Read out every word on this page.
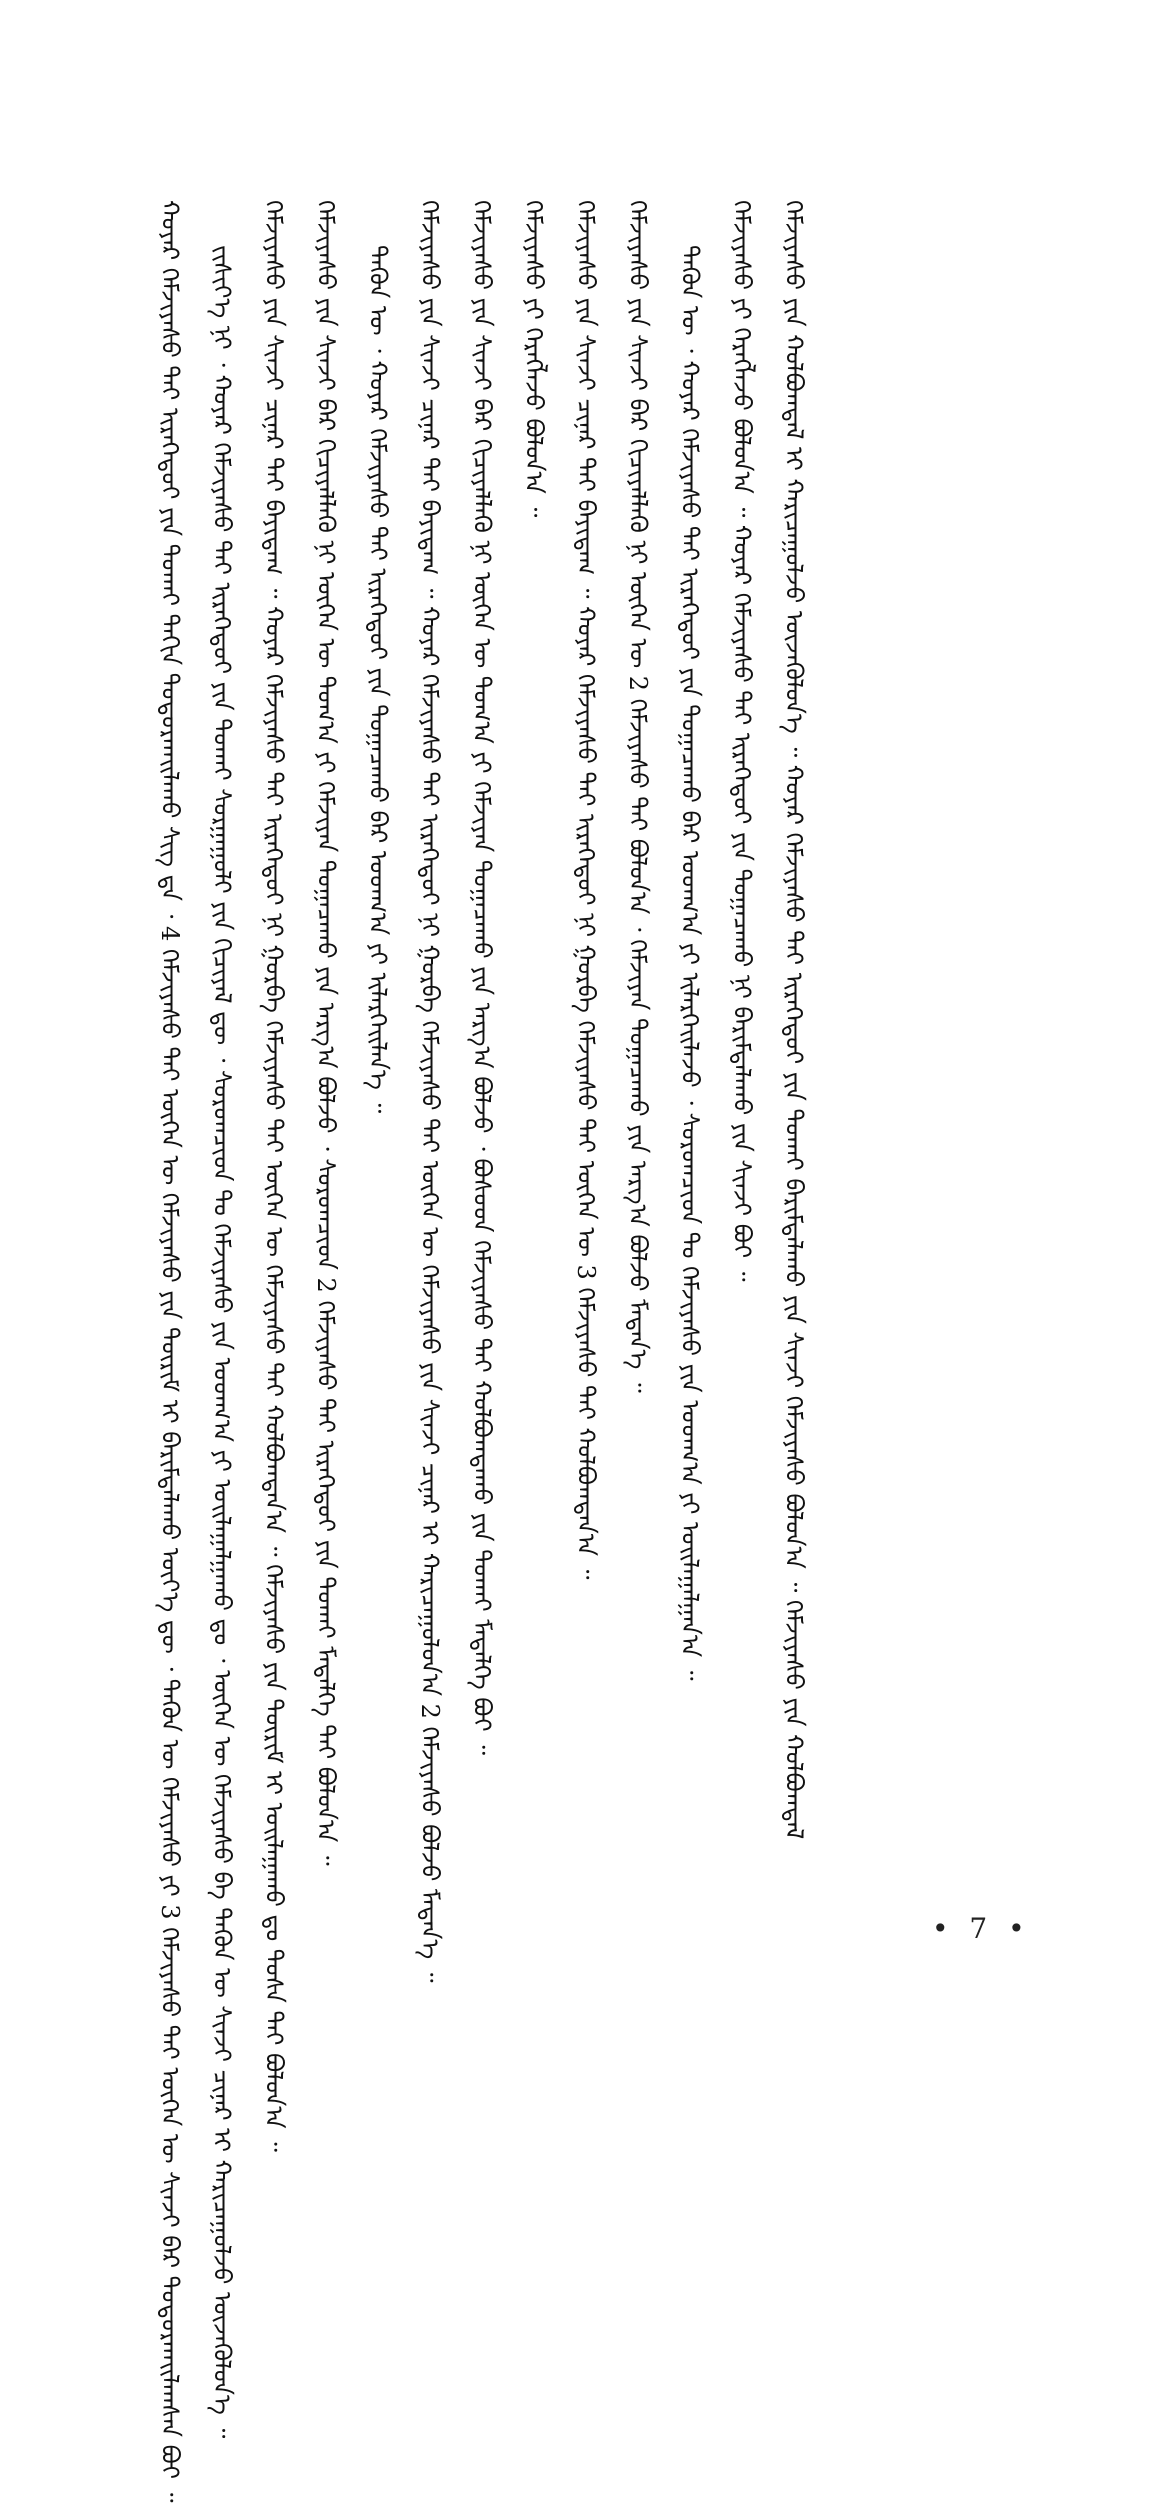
ᠬᠣᠶᠠᠷ ᠬᠡᠮᠵᠢᠶᠡᠰᠦ ᠲᠠᠢ ᠢᠷᠡᠭᠡᠳᠦᠢ ᠶᠢᠨ ᠲᠤᠬᠠᠢ ᠳᠠᠬᠢᠨ ᠲᠣᠳᠤᠷᠬᠠᠢᠯᠠᠬᠤ ᠰᠢᠭ ᠳᠡ ᠂ 4 ᠬᠡᠮᠵᠢᠶᠡᠰᠦ ᠲᠠᠢ ᠦᠭᠡᠨ ᠦ ᠬᠡᠮᠵᠢᠶᠡᠰᠦ ᠶᠢᠨ ᠳᠦᠷᠢᠮ ᠢ ᠪᠠᠷᠢᠮᠲᠠᠯᠠᠬᠤ ᠦᠶ᠎ᠡ ᠳᠦ ᠂ ᠲᠡᠭᠦᠨ ᠦ ᠬᠡᠮᠵᠢᠶᠡᠰᠦ ᠶᠢ 3 ᠬᠡᠮᠵᠢᠶᠡᠰᠦ ᠲᠠᠢ ᠦᠭᠡᠨ ᠦ ᠰᠢᠨᠵᠢ ᠪᠡᠷ ᠲᠣᠳᠤᠷᠬᠠᠢᠯᠠᠭᠰᠠᠨ ᠪᠤᠢ ᠃ ᠵᠢᠱᠢᠶ᠎ᠡ ᠨᠢ ᠂ ᠬᠣᠶᠠᠷ ᠬᠡᠮᠵᠢᠶᠡᠰᠦ ᠲᠠᠢ ᠢᠷᠡᠭᠡᠳᠦᠢ ᠶᠢᠨ ᠲᠤᠬᠠᠢ ᠰᠤᠷᠭᠠᠭᠤᠯᠢ ᠶᠢᠨ ᠬᠢᠴᠢᠶᠡᠯ ᠳᠦ ᠂ ᠰᠤᠷᠤᠭᠴᠢᠳ ᠲᠤ ᠬᠡᠮᠵᠢᠶᠡᠰᠦ ᠶᠢᠨ ᠤᠳᠬ᠎ᠠ ᠶᠢ ᠣᠢᠯᠠᠭᠠᠯᠭᠠᠬᠤ ᠳᠤ ᠂ ᠦᠭᠡᠨ ᠦ ᠬᠡᠮᠵᠢᠶᠡᠰᠦ ᠪᠠ ᠲᠡᠭᠦᠨ ᠦ ᠰᠢᠨᠵᠢ ᠴᠢᠨᠠᠷ ᠢ ᠬᠠᠷᠢᠴᠠᠭᠤᠯᠵᠤ ᠦᠵᠡᠭᠦᠯᠦᠨ᠎ᠡ ᠃ ᠬᠡᠮᠵᠢᠶᠡᠰᠦ ᠶᠢᠨ ᠰᠢᠨᠵᠢ ᠴᠢᠨᠠᠷ ᠲᠠᠢ ᠪᠠᠶᠢᠳᠠᠭ ᠃ ᠬᠣᠶᠠᠷ ᠬᠡᠮᠵᠢᠶᠡᠰᠦ ᠲᠠᠢ ᠢᠷᠡᠭᠡᠳᠦᠢ ᠨᠢ ᠭᠤᠷᠪᠠ ᠬᠡᠮᠵᠢᠶᠡᠰᠦ ᠲᠠᠢ ᠦᠭᠡᠨ ᠦ ᠬᠡᠮᠵᠢᠶᠡᠰᠦ ᠲᠡᠢ ᠬᠣᠯᠪᠣᠭᠳᠠᠨ᠎ᠠ ᠃ ᠬᠡᠮᠵᠢᠶᠡᠰᠦ ᠶᠢᠨ ᠳᠦᠷᠢᠮ ᠢ ᠣᠢᠯᠠᠭᠠᠬᠤ ᠳᠤ ᠲᠤᠰᠠ ᠲᠠᠢ ᠪᠣᠯᠤᠨ᠎ᠠ ᠃ ᠬᠡᠮᠵᠢᠶᠡᠰᠦ ᠶᠢᠨ ᠰᠢᠨᠵᠢ ᠪᠠᠷ ᠬᠢᠴᠢᠶᠡᠯᠯᠡᠬᠦ ᠨᠢ ᠦᠭᠡᠨ ᠦ ᠲᠣᠭ᠎ᠠ ᠶᠢ ᠬᠡᠮᠵᠢᠶᠡᠨ ᠲᠣᠭᠠᠴᠠᠬᠤ ᠶᠢᠨ ᠠᠷᠭ᠎ᠠ ᠪᠣᠯᠵᠤ ᠂ ᠰᠤᠷᠤᠭᠴᠢᠳ 2 ᠬᠡᠮᠵᠢᠶᠡᠰᠦ ᠲᠠᠢ ᠢᠷᠡᠭᠡᠳᠦᠢ ᠶᠢᠨ ᠲᠤᠬᠠᠢ ᠮᠡᠳᠡᠯᠭᠡ ᠲᠠᠢ ᠪᠣᠯᠤᠨ᠎ᠠ ᠃ ᠲᠡᠭᠦᠨ ᠦ ᠂ ᠬᠣᠶᠠᠷ ᠬᠡᠮᠵᠢᠶᠡᠰᠦ ᠲᠠᠢ ᠢᠷᠡᠭᠡᠳᠦᠢ ᠶᠢᠨ ᠲᠣᠭᠠᠴᠠᠬᠤ ᠪᠠᠷ ᠤᠳᠬ᠎ᠠ ᠶᠢ ᠢᠯᠡᠷᠬᠡᠢᠯᠡᠨ᠎ᠡ ᠃ ᠬᠡᠮᠵᠢᠶᠡᠰᠦ ᠶᠢᠨ ᠰᠢᠨᠵᠢ ᠴᠢᠨᠠᠷ ᠲᠠᠢ ᠪᠠᠶᠢᠳᠠᠭ ᠃ ᠬᠣᠶᠠᠷ ᠬᠡᠮᠵᠢᠶᠡᠰᠦ ᠲᠠᠢ ᠢᠷᠡᠭᠡᠳᠦᠢ ᠨᠢ ᠭᠤᠷᠪᠠ ᠬᠡᠮᠵᠢᠶᠡᠰᠦ ᠲᠠᠢ ᠦᠭᠡᠨ ᠦ ᠬᠡᠮᠵᠢᠶᠡᠰᠦ ᠶᠢᠨ ᠰᠢᠨᠵᠢ ᠴᠢᠨᠠᠷ ᠢ ᠬᠠᠷᠢᠴᠠᠭᠤᠯᠤᠨ᠎ᠠ 2 ᠬᠡᠮᠵᠢᠶᠡᠰᠦ ᠪᠣᠯᠵᠤ ᠮᠡᠳᠡᠨ᠎ᠡ ᠃ ᠬᠡᠮᠵᠢᠶᠡᠰᠦ ᠶᠢᠨ ᠰᠢᠨᠵᠢ ᠪᠠᠷ ᠬᠢᠴᠢᠶᠡᠯᠯᠡᠬᠦ ᠨᠢ ᠦᠭᠡᠨ ᠦ ᠲᠣᠭ᠎ᠠ ᠶᠢ ᠬᠡᠮᠵᠢᠶᠡᠨ ᠲᠣᠭᠠᠴᠠᠬᠤ ᠶᠢᠨ ᠠᠷᠭ᠎ᠠ ᠪᠣᠯᠵᠤ ᠂ ᠪᠤᠰᠤᠳ ᠬᠡᠮᠵᠢᠶᠡᠰᠦ ᠲᠠᠢ ᠬᠣᠯᠪᠣᠭᠳᠠᠬᠤ ᠶᠢᠨ ᠲᠤᠬᠠᠢ ᠮᠡᠳᠡᠯᠭᠡ ᠪᠤᠢ ᠃ ᠬᠡᠮᠵᠢᠶᠡᠰᠦ ᠶᠢ ᠬᠡᠷᠡᠭᠯᠡᠵᠦ ᠪᠣᠯᠤᠨ᠎ᠠ ᠃ ᠬᠡᠮᠵᠢᠶᠡᠰᠦ ᠶᠢᠨ ᠰᠢᠨᠵᠢ ᠴᠢᠨᠠᠷ ᠲᠠᠢ ᠪᠠᠶᠢᠳᠠᠭ ᠃ ᠬᠣᠶᠠᠷ ᠬᠡᠮᠵᠢᠶᠡᠰᠦ ᠲᠠᠢ ᠢᠷᠡᠭᠡᠳᠦᠢ ᠨᠢ ᠭᠤᠷᠪᠠ ᠬᠡᠮᠵᠢᠶᠡᠰᠦ ᠲᠠᠢ ᠦᠭᠡᠨ ᠦ 3 ᠬᠡᠮᠵᠢᠶᠡᠰᠦ ᠲᠠᠢ ᠬᠣᠯᠪᠣᠭᠳᠠᠨ᠎ᠠ ᠃ ᠬᠡᠮᠵᠢᠶᠡᠰᠦ ᠶᠢᠨ ᠰᠢᠨᠵᠢ ᠪᠠᠷ ᠬᠢᠴᠢᠶᠡᠯᠯᠡᠬᠦ ᠨᠢ ᠦᠭᠡᠨ ᠦ 2 ᠬᠡᠮᠵᠢᠶᠡᠰᠦ ᠲᠠᠢ ᠪᠣᠯᠤᠨ᠎ᠠ ᠂ ᠬᠡᠮᠵᠢᠶᠡᠨ ᠲᠣᠭᠠᠴᠠᠬᠤ ᠶᠢᠨ ᠠᠷᠭ᠎ᠠ ᠪᠣᠯᠵᠤ ᠮᠡᠳᠡᠨ᠎ᠡ ᠃ ᠲᠡᠭᠦᠨ ᠦ ᠂ ᠬᠣᠶᠠᠷ ᠬᠡᠮᠵᠢᠶᠡᠰᠦ ᠲᠠᠢ ᠢᠷᠡᠭᠡᠳᠦᠢ ᠶᠢᠨ ᠲᠣᠭᠠᠴᠠᠬᠤ ᠪᠠᠷ ᠤᠳᠬ᠎ᠠ ᠶᠢ ᠢᠯᠡᠷᠬᠡᠢᠯᠡᠵᠦ ᠂ ᠰᠤᠷᠤᠭᠴᠢᠳ ᠲᠤ ᠬᠡᠮᠵᠢᠶᠡᠰᠦ ᠶᠢᠨ ᠤᠳᠬ᠎ᠠ ᠶᠢ ᠣᠢᠯᠠᠭᠠᠯᠭᠠᠨ᠎ᠠ ᠃ ᠬᠡᠮᠵᠢᠶᠡᠰᠦ ᠶᠢ ᠬᠡᠷᠡᠭᠯᠡᠵᠦ ᠪᠣᠯᠤᠨ᠎ᠠ ᠃ ᠬᠣᠶᠠᠷ ᠬᠡᠮᠵᠢᠶᠡᠰᠦ ᠲᠠᠢ ᠢᠷᠡᠭᠡᠳᠦᠢ ᠶᠢᠨ ᠲᠣᠭᠠᠴᠠᠬᠤ ᠨᠢ ᠪᠠᠷᠢᠮᠲᠠᠯᠠᠬᠤ ᠶᠢᠨ ᠰᠢᠨᠵᠢ ᠪᠤᠢ ᠃ ᠬᠡᠮᠵᠢᠶᠡᠰᠦ ᠶᠢᠨ ᠬᠣᠯᠪᠣᠭᠳᠠᠯ ᠢ ᠬᠠᠷᠢᠴᠠᠭᠤᠯᠵᠤ ᠦᠵᠡᠭᠦᠯᠦᠨ᠎ᠡ ᠃ ᠬᠣᠶᠠᠷ ᠬᠡᠮᠵᠢᠶᠡᠰᠦ ᠲᠠᠢ ᠢᠷᠡᠭᠡᠳᠦᠢ ᠶᠢᠨ ᠲᠤᠬᠠᠢ ᠪᠠᠷᠢᠮᠲᠠᠯᠠᠬᠤ ᠶᠢᠨ ᠰᠢᠨᠵᠢ ᠬᠡᠮᠵᠢᠶᠡᠰᠦ ᠪᠣᠯᠤᠨ᠎ᠠ ᠃ ᠬᠡᠮᠵᠢᠶᠡᠰᠦ ᠶᠢᠨ ᠬᠣᠯᠪᠣᠭᠳᠠᠯ
• 7 •
